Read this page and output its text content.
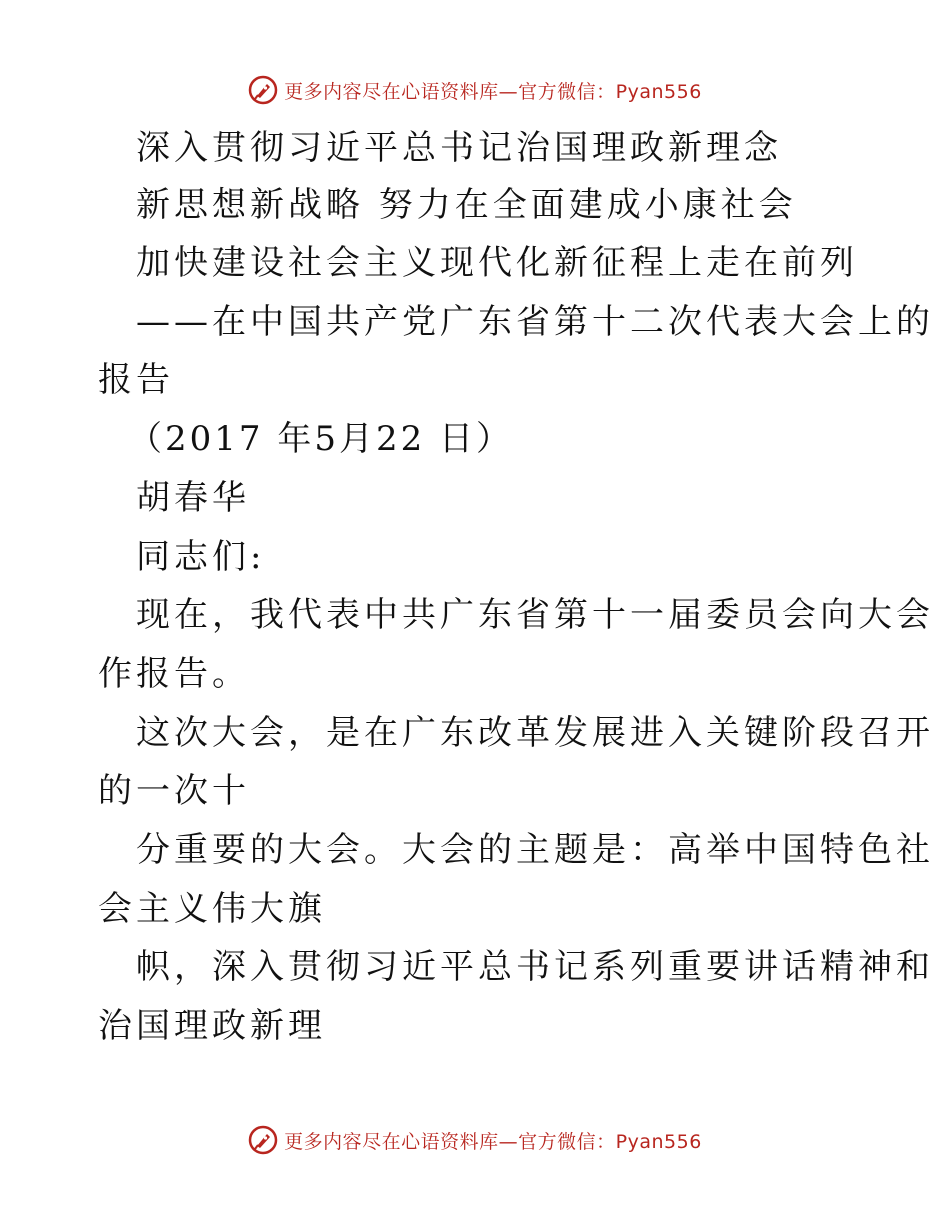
更多内容尽在心语资料库—官方微信：Pyan556
深入贯彻习近平总书记治国理政新理念
新思想新战略 努力在全面建成小康社会
加快建设社会主义现代化新征程上走在前列
——在中国共产党广东省第十二次代表大会上的
报告
（2017 年5月22 日）
胡春华
同志们:
现在，我代表中共广东省第十一届委员会向大会
作报告。
这次大会，是在广东改革发展进入关键阶段召开
的一次十
分重要的大会。大会的主题是：高举中国特色社
会主义伟大旗
帜，深入贯彻习近平总书记系列重要讲话精神和
治国理政新理
更多内容尽在心语资料库—官方微信：Pyan556
